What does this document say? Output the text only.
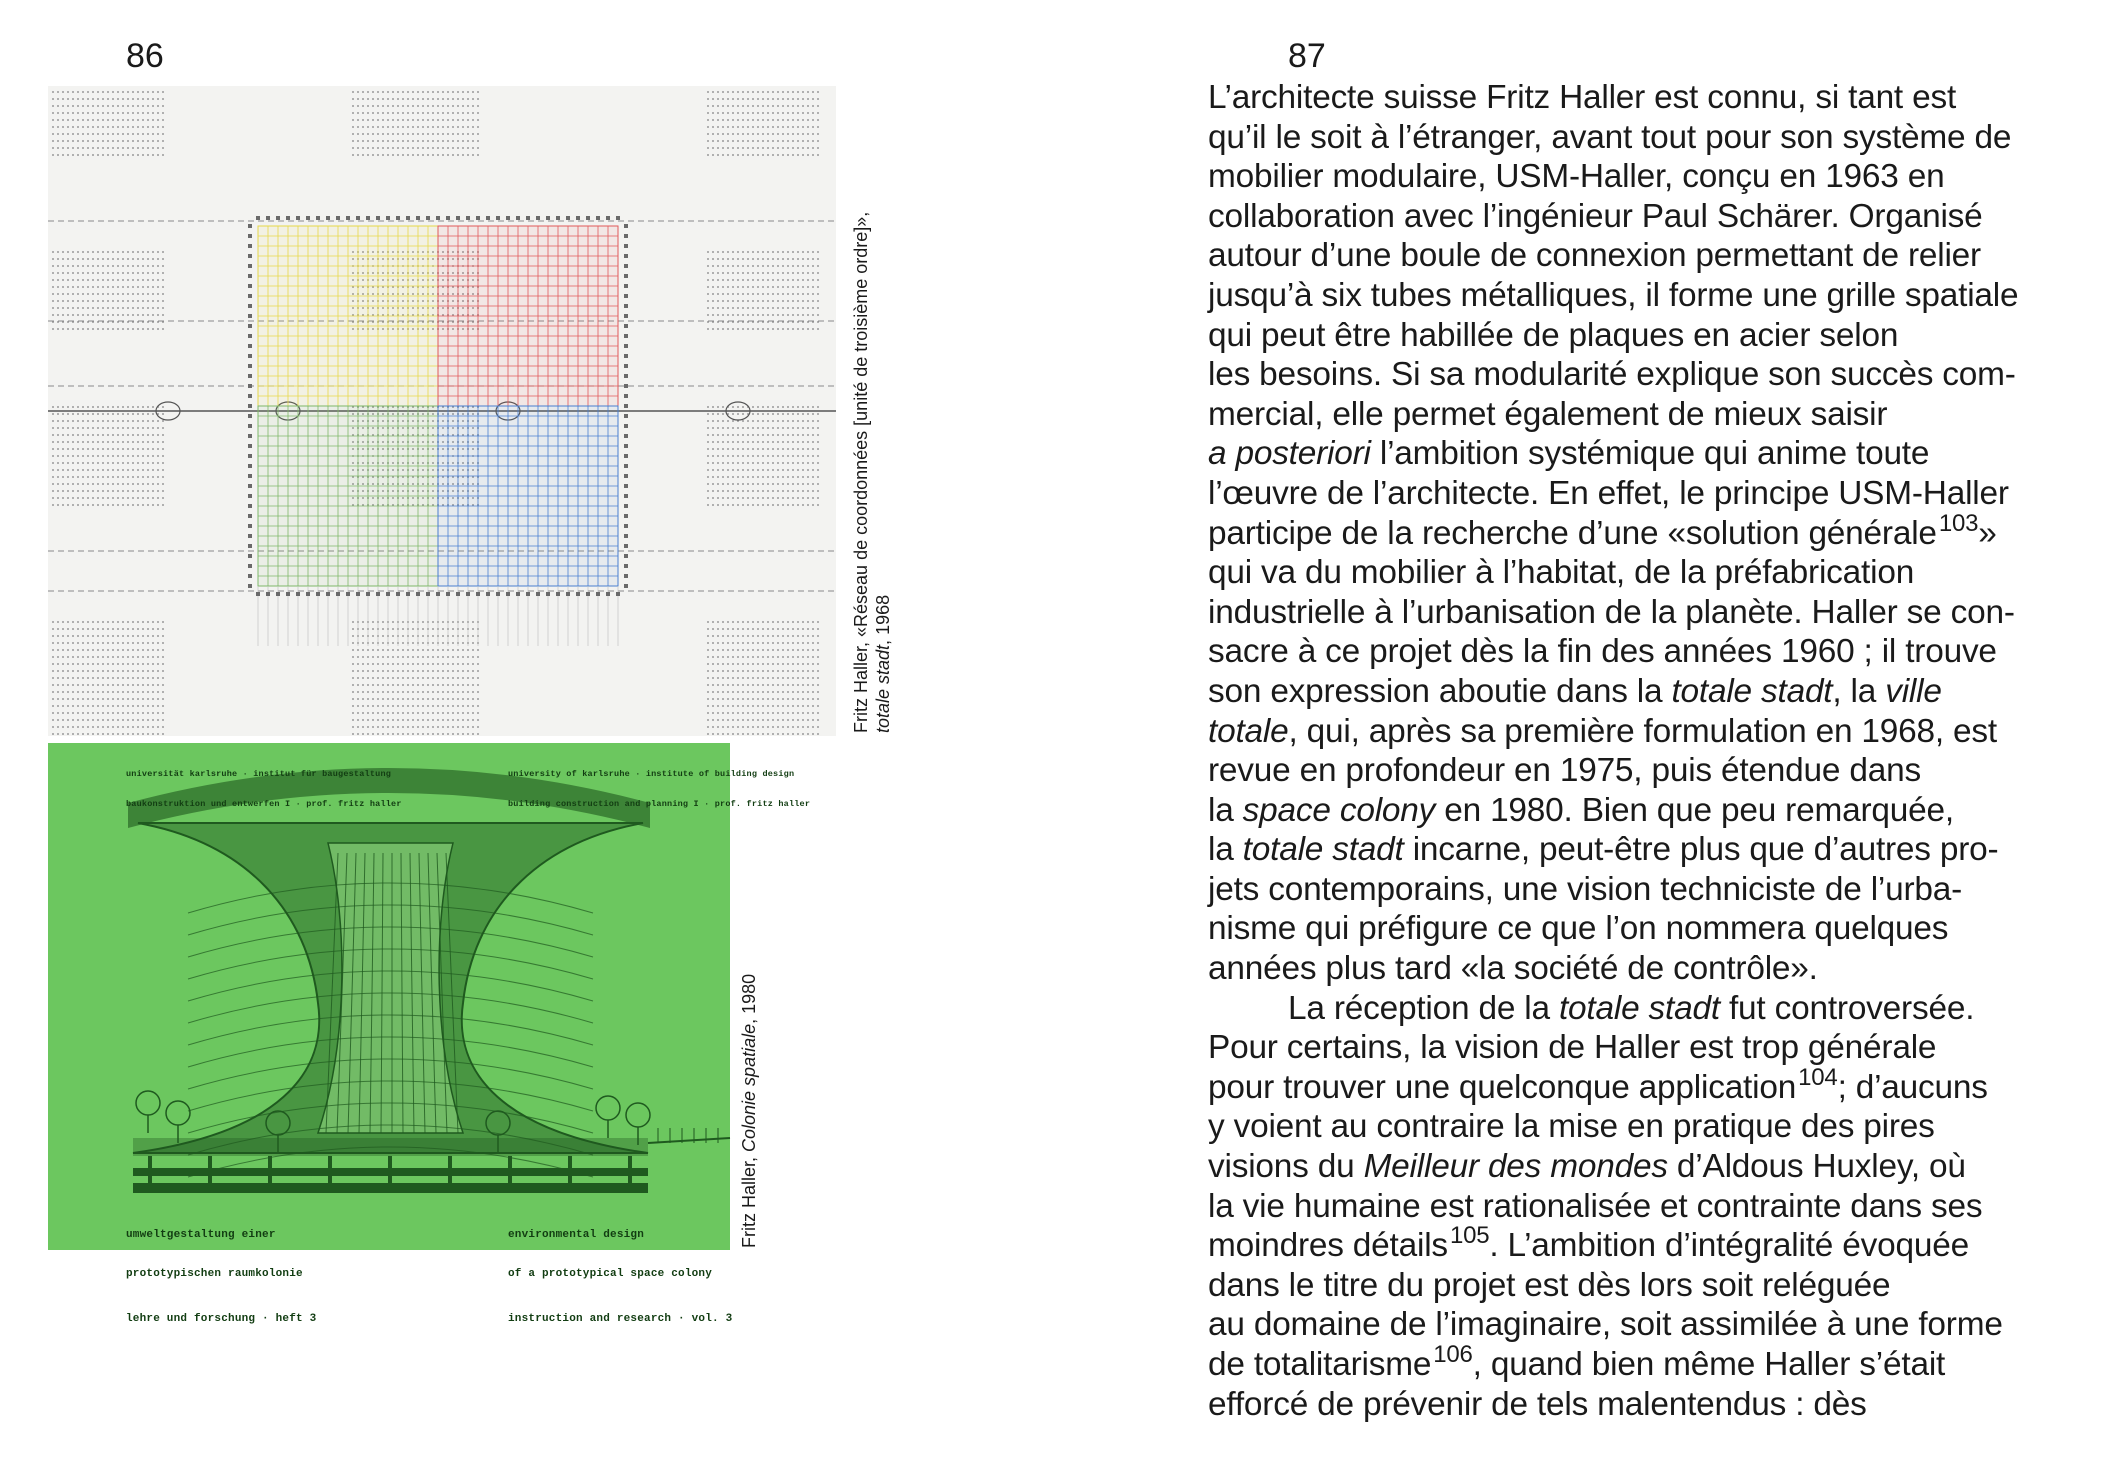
86	87
Fritz Haller, «Réseau de coordonnées [unité de troisième ordre]», totale stadt, 1968

universität karlsruhe · institut für baugestaltung

baukonstruktion und entwerfen I · prof. fritz haller

university of karlsruhe · institute of building design

building construction and planning I · prof. fritz haller

umweltgestaltung einer

prototypischen raumkolonie

lehre und forschung · heft 3

environmental design

of a prototypical space colony

instruction and research · vol. 3

Fritz Haller, Colonie spatiale, 1980
L’architecte suisse Fritz Haller est connu, si tant est
qu’il le soit à l’étranger, avant tout pour son système de
mobilier modulaire, USM-Haller, conçu en 1963 en
collaboration avec l’ingénieur Paul Schärer. Organisé
autour d’une boule de connexion permettant de relier
jusqu’à six tubes métalliques, il forme une grille spatiale
qui peut être habillée de plaques en acier selon
les besoins. Si sa modularité explique son succès com-
mercial, elle permet également de mieux saisir
a posteriori l’ambition systémique qui anime toute
l’œuvre de l’architecte. En effet, le principe USM-Haller
participe de la recherche d’une «solution générale$^{103}$»
qui va du mobilier à l’habitat, de la préfabrication
industrielle à l’urbanisation de la planète. Haller se con-
sacre à ce projet dès la fin des années 1960 ; il trouve
son expression aboutie dans la totale stadt, la ville
totale, qui, après sa première formulation en 1968, est
revue en profondeur en 1975, puis étendue dans
la space colony en 1980. Bien que peu remarquée,
la totale stadt incarne, peut-être plus que d’autres pro-
jets contemporains, une vision techniciste de l’urba-
nisme qui préfigure ce que l’on nommera quelques
années plus tard «la société de contrôle».
La réception de la totale stadt fut controversée.
Pour certains, la vision de Haller est trop générale
pour trouver une quelconque application$^{104}$; d’aucuns
y voient au contraire la mise en pratique des pires
visions du Meilleur des mondes d’Aldous Huxley, où
la vie humaine est rationalisée et contrainte dans ses
moindres détails$^{105}$. L’ambition d’intégralité évoquée
dans le titre du projet est dès lors soit reléguée
au domaine de l’imaginaire, soit assimilée à une forme
de totalitarisme$^{106}$, quand bien même Haller s’était
efforcé de prévenir de tels malentendus : dès
